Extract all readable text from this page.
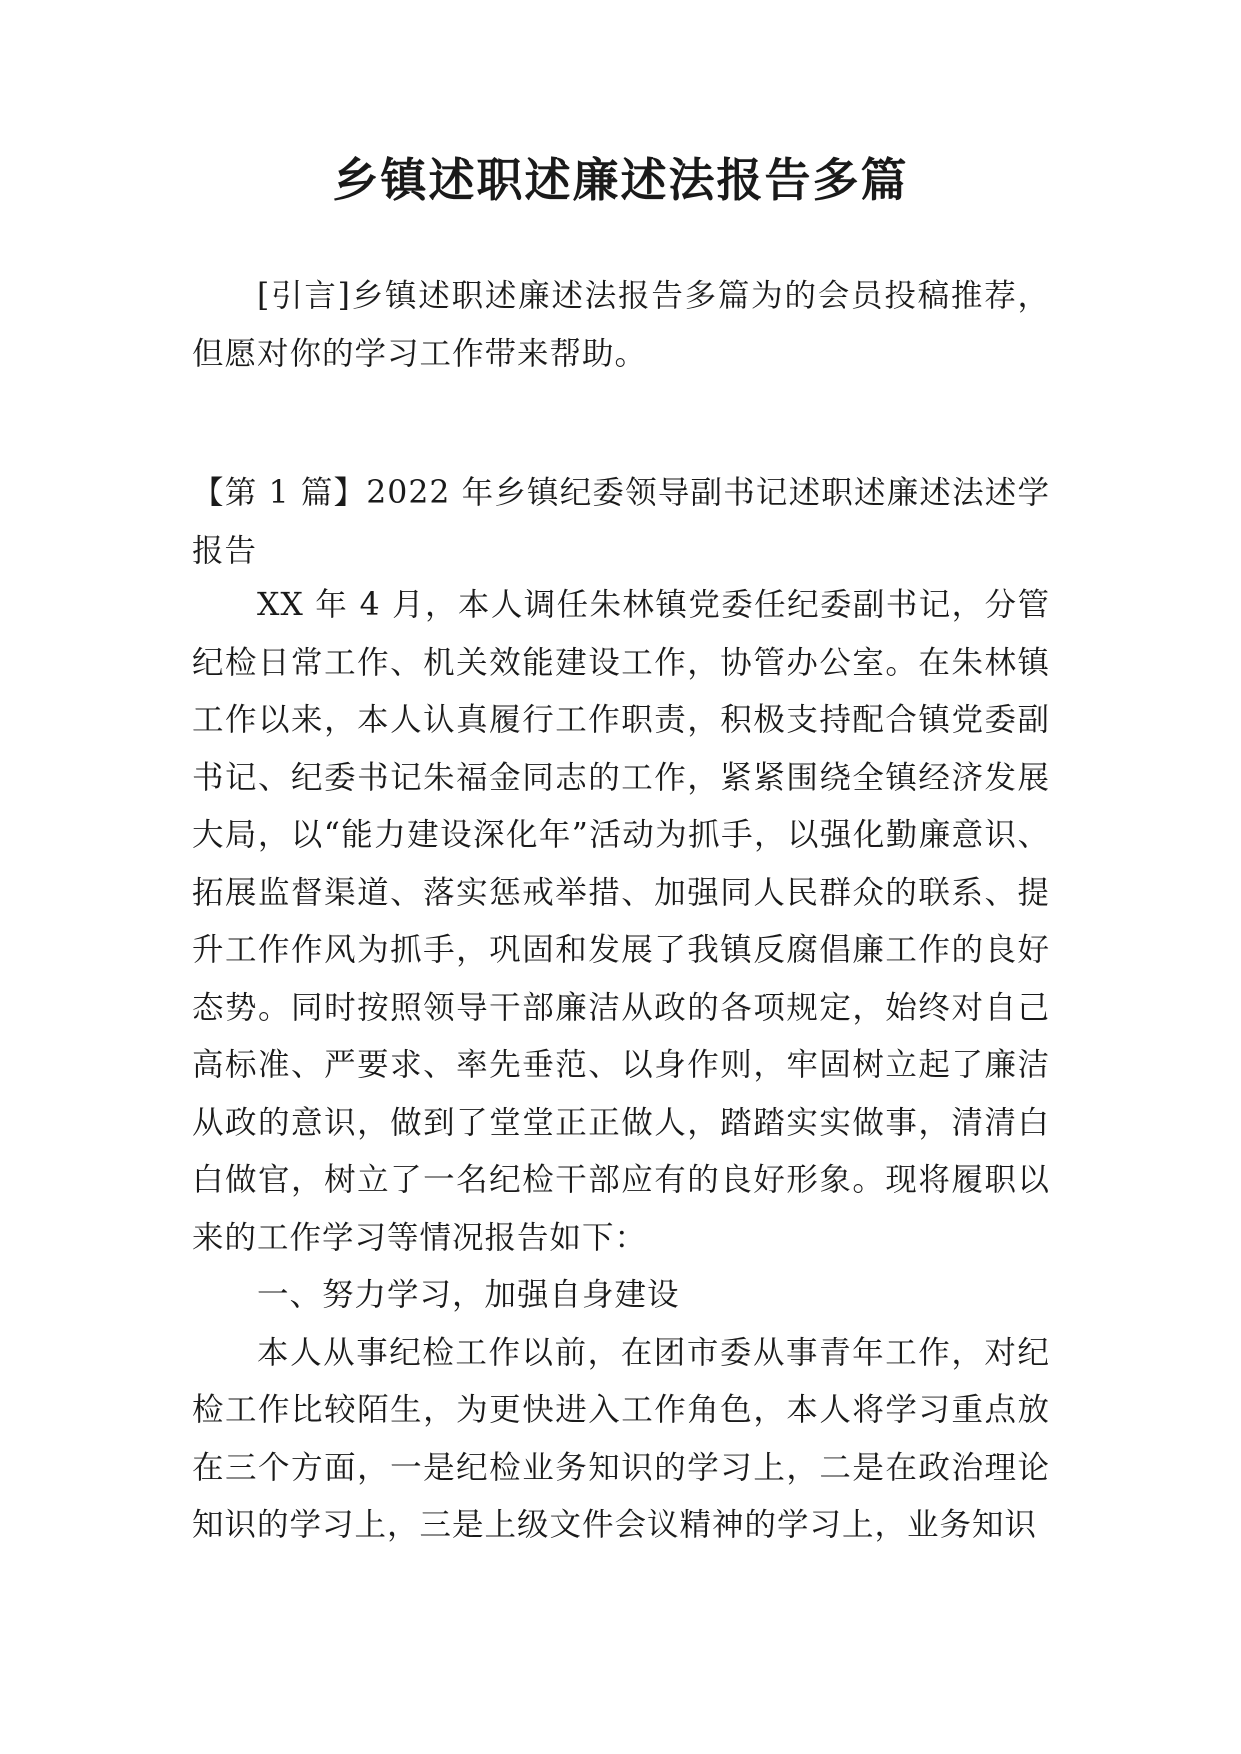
乡镇述职述廉述法报告多篇

[引言]乡镇述职述廉述法报告多篇为的会员投稿推荐，但愿对你的学习工作带来帮助。

【第 1 篇】2022 年乡镇纪委领导副书记述职述廉述法述学报告

XX 年 4 月，本人调任朱林镇党委任纪委副书记，分管纪检日常工作、机关效能建设工作，协管办公室。在朱林镇工作以来，本人认真履行工作职责，积极支持配合镇党委副书记、纪委书记朱福金同志的工作，紧紧围绕全镇经济发展大局，以“能力建设深化年”活动为抓手，以强化勤廉意识、拓展监督渠道、落实惩戒举措、加强同人民群众的联系、提升工作作风为抓手，巩固和发展了我镇反腐倡廉工作的良好态势。同时按照领导干部廉洁从政的各项规定，始终对自己高标准、严要求、率先垂范、以身作则，牢固树立起了廉洁从政的意识，做到了堂堂正正做人，踏踏实实做事，清清白白做官，树立了一名纪检干部应有的良好形象。现将履职以来的工作学习等情况报告如下：

一、努力学习，加强自身建设

本人从事纪检工作以前，在团市委从事青年工作，对纪检工作比较陌生，为更快进入工作角色，本人将学习重点放在三个方面，一是纪检业务知识的学习上，二是在政治理论知识的学习上，三是上级文件会议精神的学习上，业务知识
